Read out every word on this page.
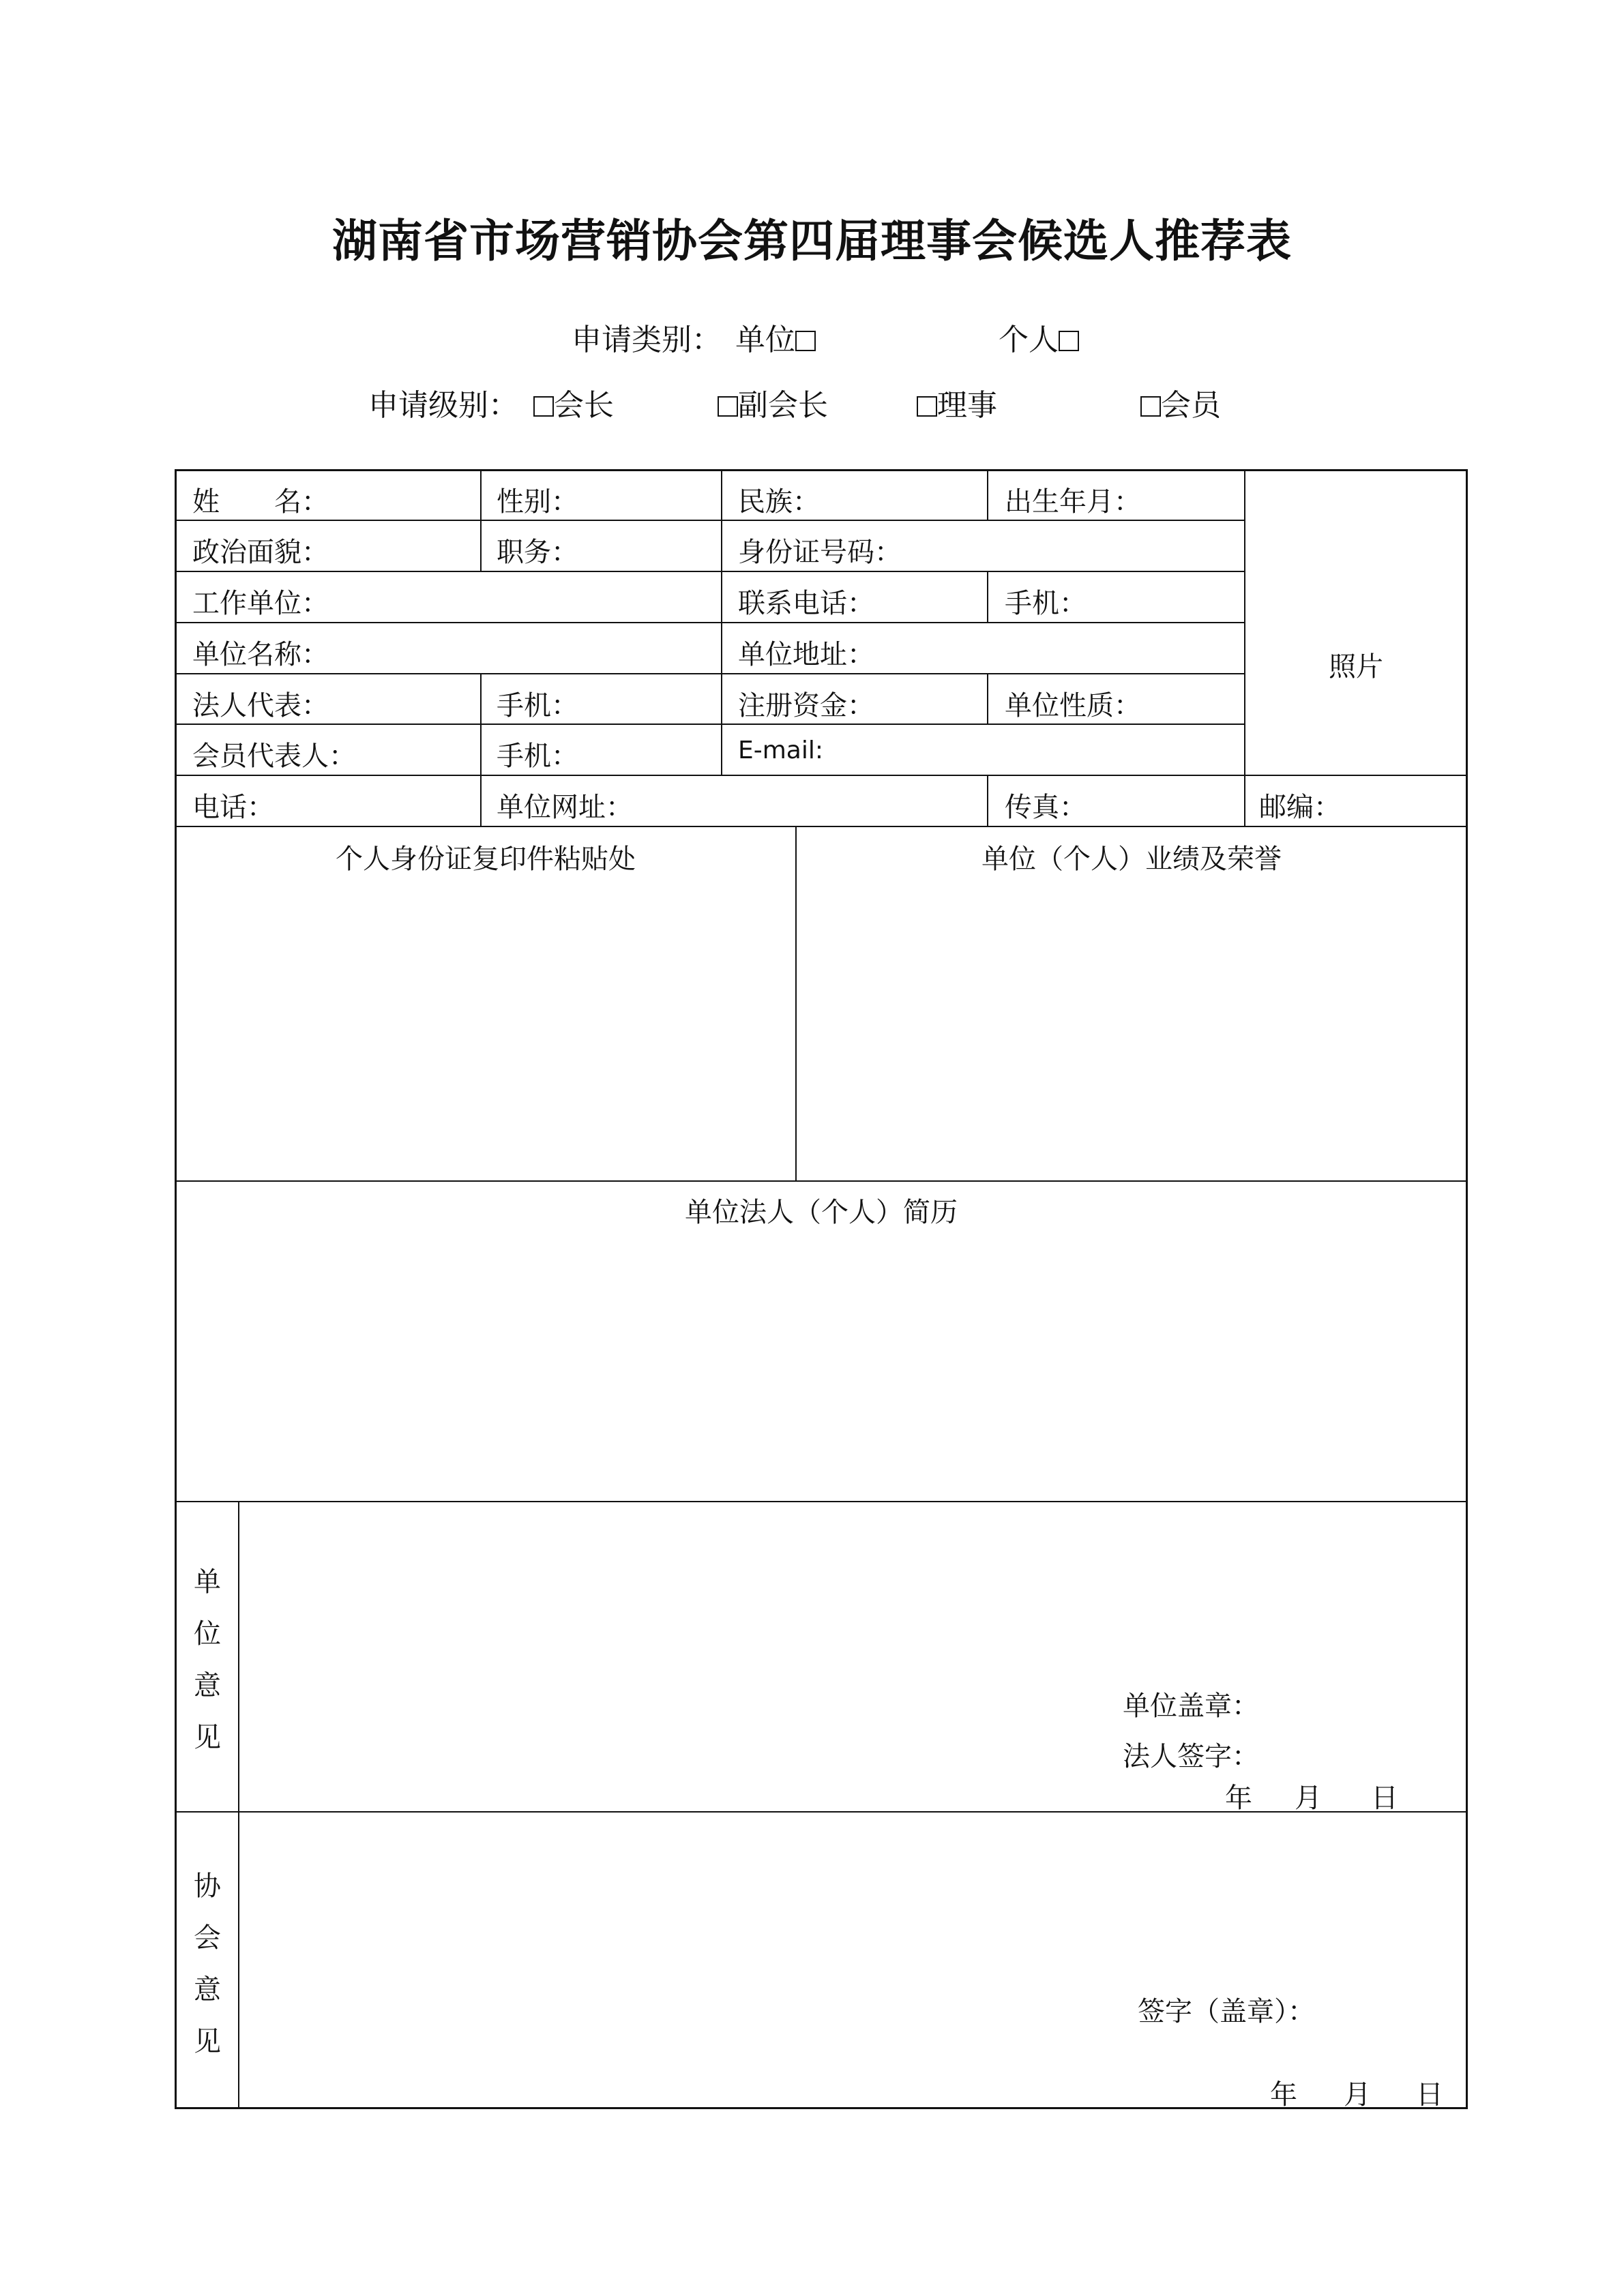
湖南省市场营销协会第四届理事会候选人推荐表
申请类别： 单位	个人
申请级别：	会长	副会长	理事	会员
姓　　名：	性别：	民族：	出生年月：
政治面貌：	职务：	身份证号码：
工作单位：	联系电话：	手机：
单位名称：	单位地址：
法人代表：	手机：	注册资金：	单位性质：
会员代表人：	手机：	E-mail:
电话：	单位网址：	传真：	邮编：
照片
个人身份证复印件粘贴处	单位（个人）业绩及荣誉
单位法人（个人）简历
单
位
意
见
单位盖章：
法人签字：
年 月 日
协
会
意
见
签字（盖章）：
年 月 日
